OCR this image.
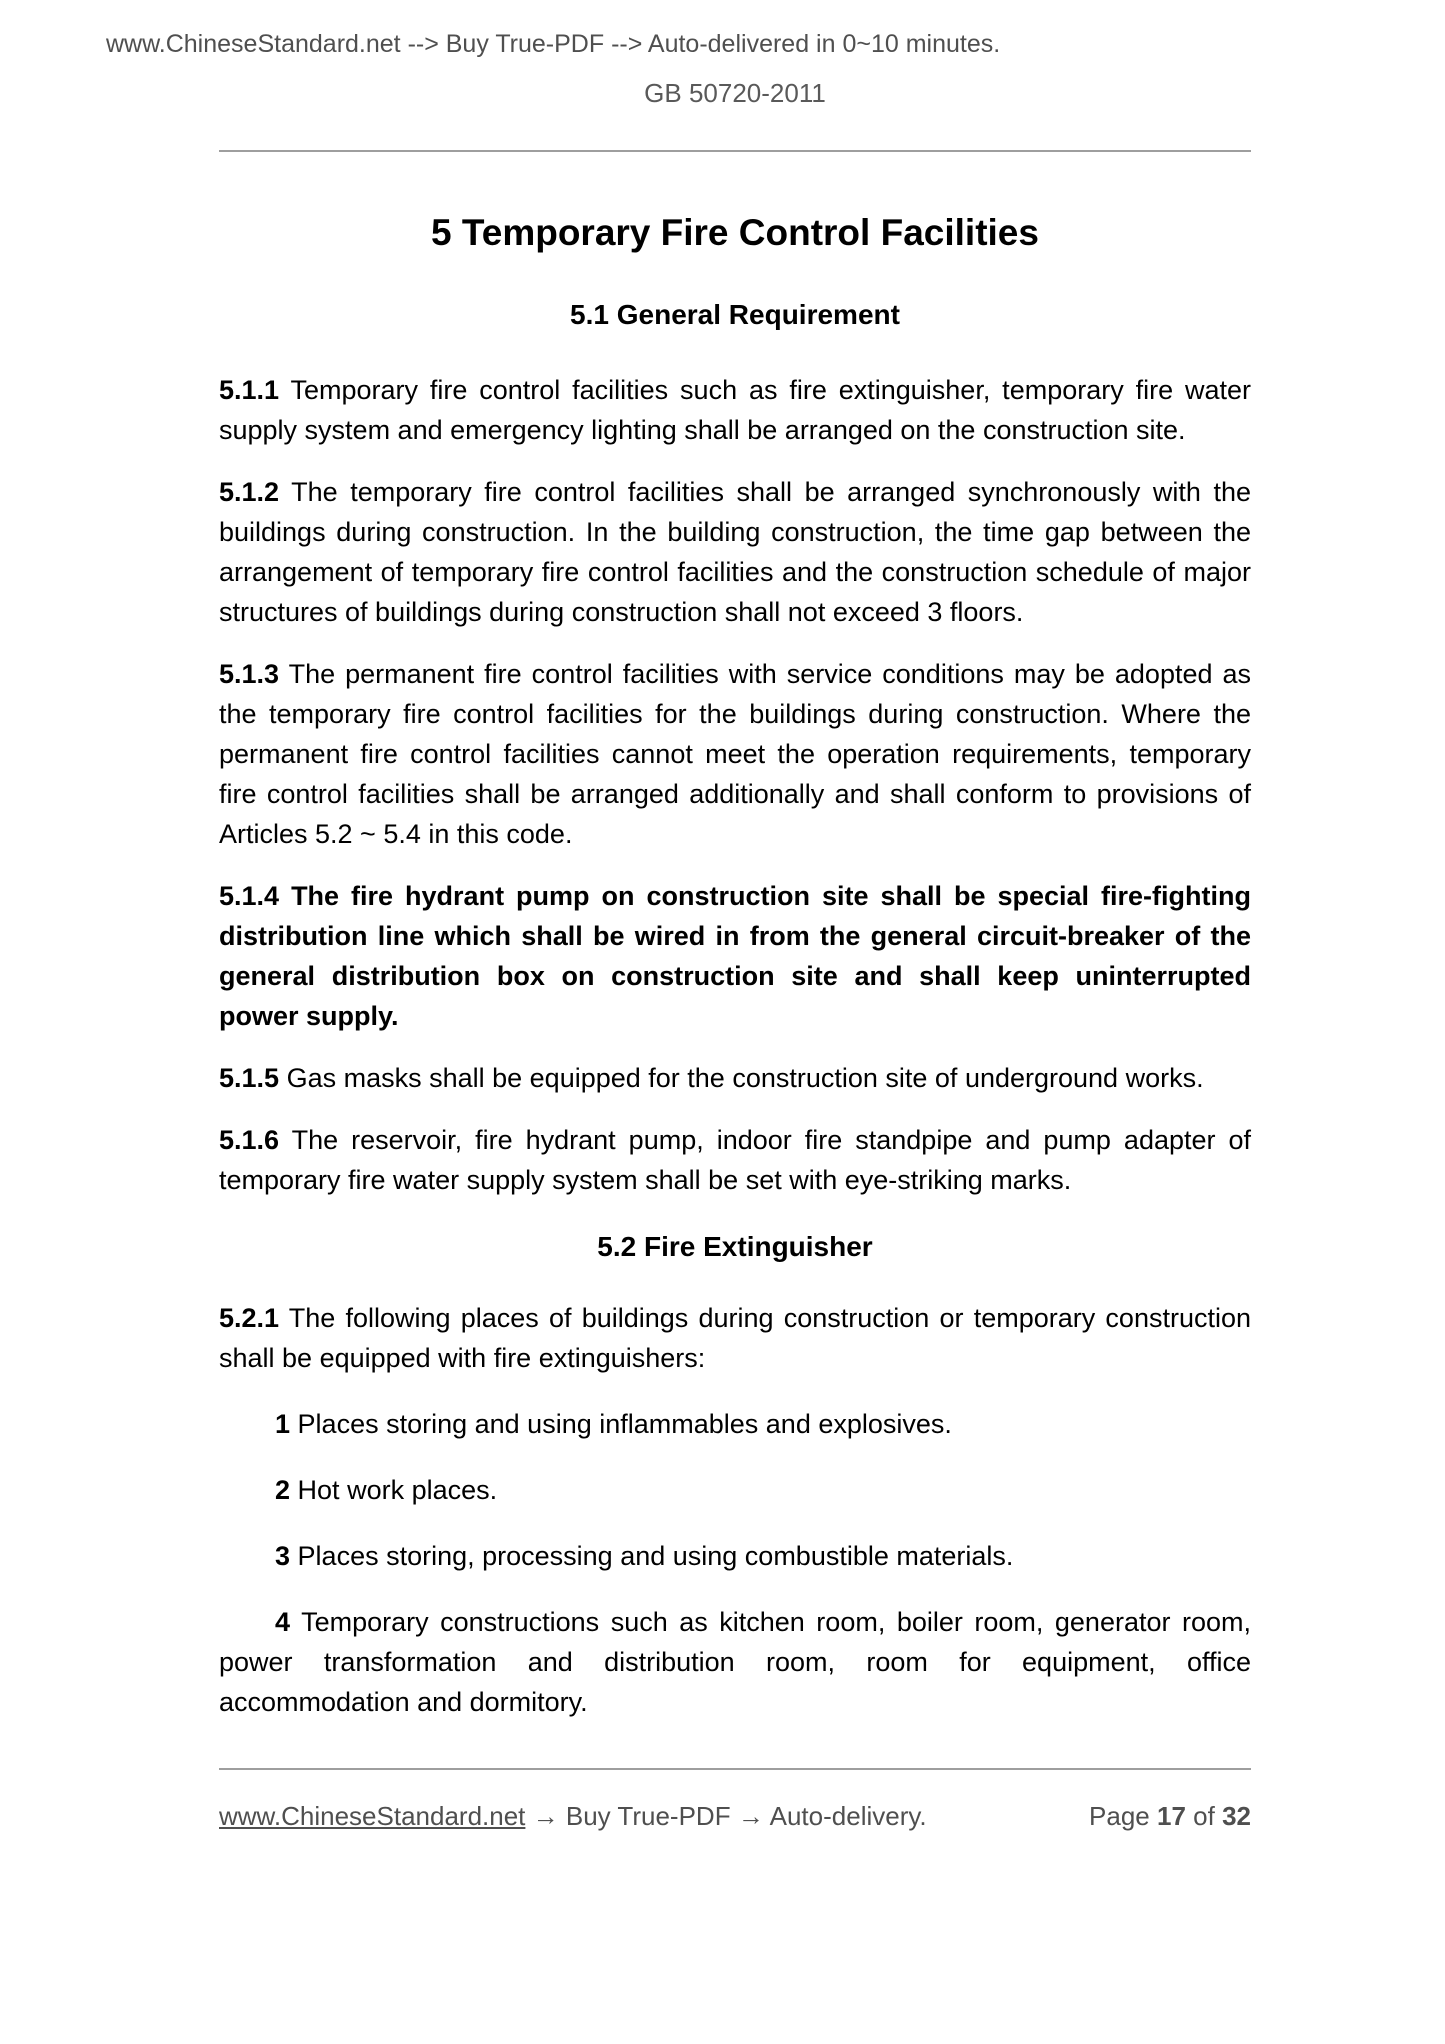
www.ChineseStandard.net --> Buy True-PDF --> Auto-delivered in 0~10 minutes.
GB 50720-2011
5 Temporary Fire Control Facilities
5.1 General Requirement

5.1.1 Temporary fire control facilities such as fire extinguisher, temporary fire water supply system and emergency lighting shall be arranged on the construction site.

5.1.2 The temporary fire control facilities shall be arranged synchronously with the buildings during construction. In the building construction, the time gap between the arrangement of temporary fire control facilities and the construction schedule of major structures of buildings during construction shall not exceed 3 floors.

5.1.3 The permanent fire control facilities with service conditions may be adopted as the temporary fire control facilities for the buildings during construction. Where the permanent fire control facilities cannot meet the operation requirements, temporary fire control facilities shall be arranged additionally and shall conform to provisions of Articles 5.2 ~ 5.4 in this code.

5.1.4 The fire hydrant pump on construction site shall be special fire-fighting distribution line which shall be wired in from the general circuit-breaker of the general distribution box on construction site and shall keep uninterrupted power supply.

5.1.5 Gas masks shall be equipped for the construction site of underground works.

5.1.6 The reservoir, fire hydrant pump, indoor fire standpipe and pump adapter of temporary fire water supply system shall be set with eye-striking marks.

5.2 Fire Extinguisher

5.2.1 The following places of buildings during construction or temporary construction shall be equipped with fire extinguishers:

1 Places storing and using inflammables and explosives.

2 Hot work places.

3 Places storing, processing and using combustible materials.

4 Temporary constructions such as kitchen room, boiler room, generator room, power transformation and distribution room, room for equipment, office accommodation and dormitory.

www.ChineseStandard.net → Buy True-PDF → Auto-delivery.	Page 17 of 32
